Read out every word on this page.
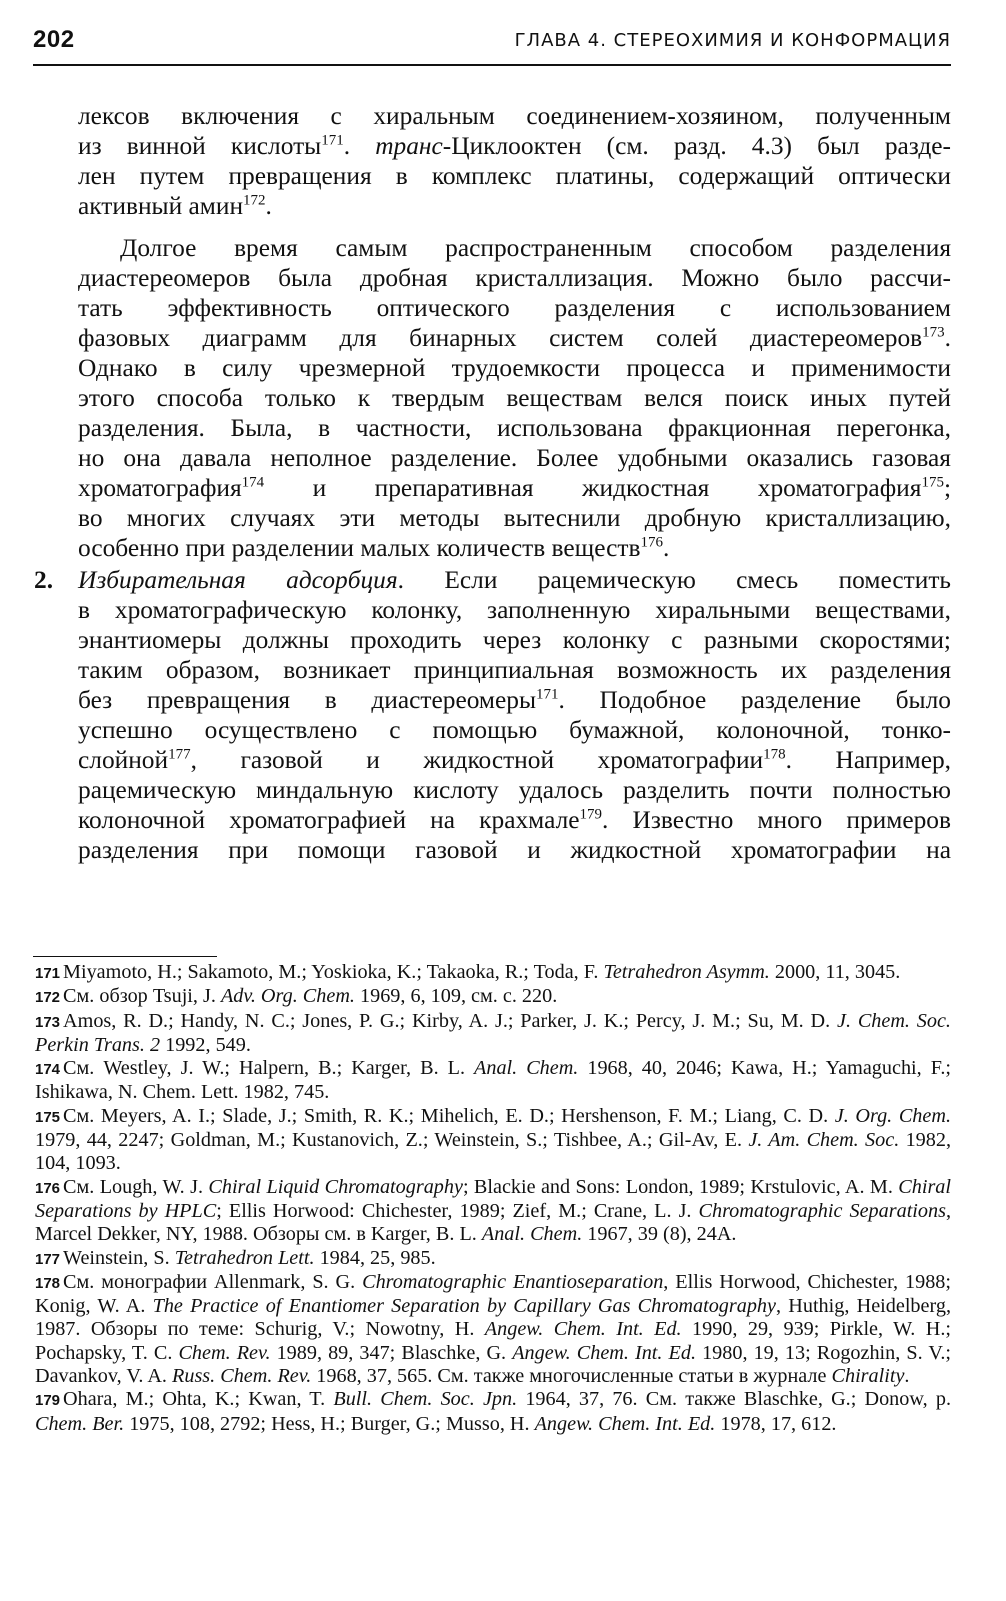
202	ГЛАВА 4. СТЕРЕОХИМИЯ И КОНФОРМАЦИЯ
лексов включения с хиральным соединением-хозяином, полученным
из винной кислоты$^{171}$. транс-Циклооктен (см. разд. 4.3) был разде-
лен путем превращения в комплекс платины, содержащий оптически
активный амин$^{172}$.
Долгое время самым распространенным способом разделения
диастереомеров была дробная кристаллизация. Можно было рассчи-
тать эффективность оптического разделения с использованием
фазовых диаграмм для бинарных систем солей диастереомеров$^{173}$.
Однако в силу чрезмерной трудоемкости процесса и применимости
этого способа только к твердым веществам велся поиск иных путей
разделения. Была, в частности, использована фракционная перегонка,
но она давала неполное разделение. Более удобными оказались газовая
хроматография$^{174}$ и препаративная жидкостная хроматография$^{175}$;
во многих случаях эти методы вытеснили дробную кристаллизацию,
особенно при разделении малых количеств веществ$^{176}$.
2. Избирательная адсорбция. Если рацемическую смесь поместить
в хроматографическую колонку, заполненную хиральными веществами,
энантиомеры должны проходить через колонку с разными скоростями;
таким образом, возникает принципиальная возможность их разделения
без превращения в диастереомеры$^{171}$. Подобное разделение было
успешно осуществлено с помощью бумажной, колоночной, тонко-
слойной$^{177}$, газовой и жидкостной хроматографии$^{178}$. Например,
рацемическую миндальную кислоту удалось разделить почти полностью
колоночной хроматографией на крахмале$^{179}$. Известно много примеров
разделения при помощи газовой и жидкостной хроматографии на
171 Miyamoto, H.; Sakamoto, M.; Yoskioka, K.; Takaoka, R.; Toda, F. Tetrahedron Asymm. 2000, 11, 3045.
172 См. обзор Tsuji, J. Adv. Org. Chem. 1969, 6, 109, см. с. 220.
173 Amos, R. D.; Handy, N. C.; Jones, P. G.; Kirby, A. J.; Parker, J. K.; Percy, J. M.; Su, M. D. J. Chem. Soc. Perkin Trans. 2 1992, 549.
174 См. Westley, J. W.; Halpern, B.; Karger, B. L. Anal. Chem. 1968, 40, 2046; Kawa, H.; Yamaguchi, F.; Ishikawa, N. Chem. Lett. 1982, 745.
175 См. Meyers, A. I.; Slade, J.; Smith, R. K.; Mihelich, E. D.; Hershenson, F. M.; Liang, C. D. J. Org. Chem. 1979, 44, 2247; Goldman, M.; Kustanovich, Z.; Weinstein, S.; Tishbee, A.; Gil-Av, E. J. Am. Chem. Soc. 1982, 104, 1093.
176 См. Lough, W. J. Chiral Liquid Chromatography; Blackie and Sons: London, 1989; Krstulovic, A. M. Chiral Separations by HPLC; Ellis Horwood: Chichester, 1989; Zief, M.; Crane, L. J. Chromatographic Separations, Marcel Dekker, NY, 1988. Обзоры см. в Karger, B. L. Anal. Chem. 1967, 39 (8), 24A.
177 Weinstein, S. Tetrahedron Lett. 1984, 25, 985.
178 См. монографии Allenmark, S. G. Chromatographic Enantioseparation, Ellis Horwood, Chichester, 1988; Konig, W. A. The Practice of Enantiomer Separation by Capillary Gas Chromatography, Huthig, Heidelberg, 1987. Обзоры по теме: Schurig, V.; Nowotny, H. Angew. Chem. Int. Ed. 1990, 29, 939; Pirkle, W. H.; Pochapsky, T. C. Chem. Rev. 1989, 89, 347; Blaschke, G. Angew. Chem. Int. Ed. 1980, 19, 13; Rogozhin, S. V.; Davankov, V. A. Russ. Chem. Rev. 1968, 37, 565. См. также многочисленные статьи в журнале Chirality.
179 Ohara, M.; Ohta, K.; Kwan, T. Bull. Chem. Soc. Jpn. 1964, 37, 76. См. также Blaschke, G.; Donow, p. Chem. Ber. 1975, 108, 2792; Hess, H.; Burger, G.; Musso, H. Angew. Chem. Int. Ed. 1978, 17, 612.
